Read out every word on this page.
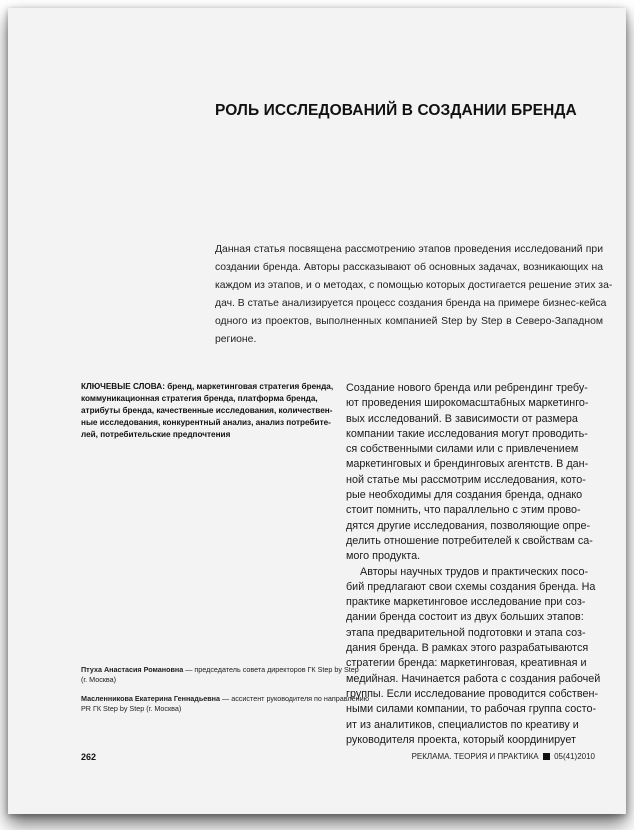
РОЛЬ ИССЛЕДОВАНИЙ В СОЗДАНИИ БРЕНДА
Данная статья посвящена рассмотрению этапов проведения исследований при
создании бренда. Авторы рассказывают об основных задачах, возникающих на
каждом из этапов, и о методах, с помощью которых достигается решение этих за-
дач. В статье анализируется процесс создания бренда на примере бизнес-кейса
одного из проектов, выполненных компанией Step by Step в Северо-Западном
регионе.
КЛЮЧЕВЫЕ СЛОВА: бренд, маркетинговая стратегия бренда,
коммуникационная стратегия бренда, платформа бренда,
атрибуты бренда, качественные исследования, количествен-
ные исследования, конкурентный анализ, анализ потребите-
лей, потребительские предпочтения
Создание нового бренда или ребрендинг требу-
ют проведения широкомасштабных маркетинго-
вых исследований. В зависимости от размера
компании такие исследования могут проводить-
ся собственными силами или с привлечением
маркетинговых и брендинговых агентств. В дан-
ной статье мы рассмотрим исследования, кото-
рые необходимы для создания бренда, однако
стоит помнить, что параллельно с этим прово-
дятся другие исследования, позволяющие опре-
делить отношение потребителей к свойствам са-
мого продукта.
Авторы научных трудов и практических посо-
бий предлагают свои схемы создания бренда. На
практике маркетинговое исследование при соз-
дании бренда состоит из двух больших этапов:
этапа предварительной подготовки и этапа соз-
дания бренда. В рамках этого разрабатываются
стратегии бренда: маркетинговая, креативная и
медийная. Начинается работа с создания рабочей
группы. Если исследование проводится собствен-
ными силами компании, то рабочая группа состо-
ит из аналитиков, специалистов по креативу и
руководителя проекта, который координирует
Птуха Анастасия Романовна — председатель совета директоров ГК Step by Step
(г. Москва)
Масленникова Екатерина Геннадьевна — ассистент руководителя по направлению
PR ГК Step by Step (г. Москва)
262	РЕКЛАМА. ТЕОРИЯ И ПРАКТИКА 05(41)2010
